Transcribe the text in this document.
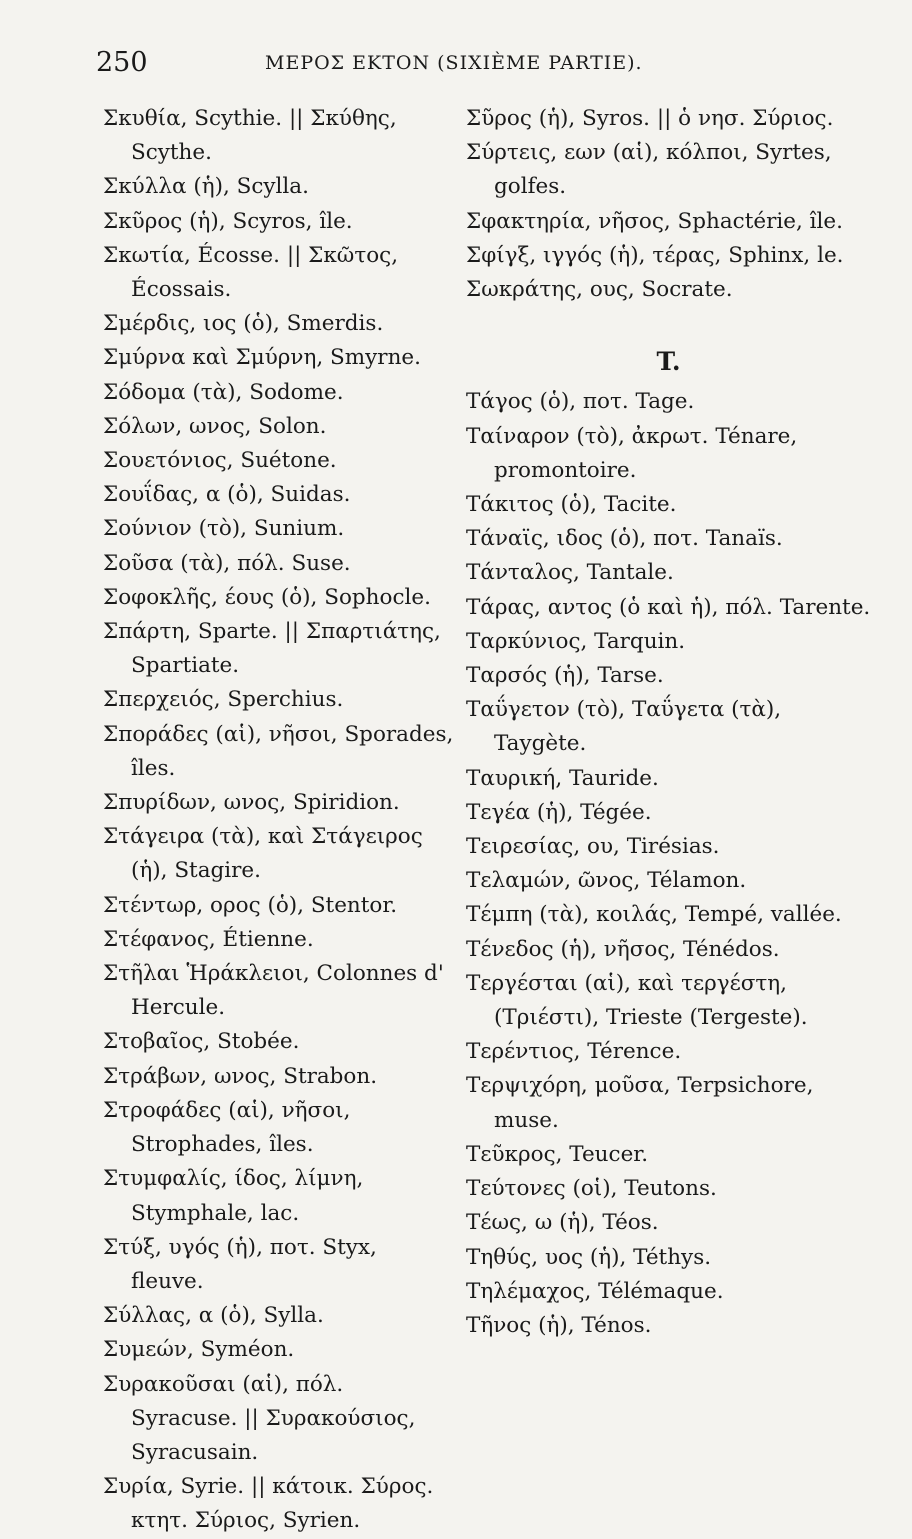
250	ΜΕΡΟΣ ΕΚΤΟΝ (SIXIÈME PARTIE).

Σκυθία, Scythie. || Σκύθης, Scythe.

Σκύλλα (ἡ), Scylla.

Σκῦρος (ἡ), Scyros, île.

Σκωτία, Écosse. || Σκῶτος, Écossais.

Σμέρδις, ιος (ὁ), Smerdis.

Σμύρνα καὶ Σμύρνη, Smyrne.

Σόδομα (τὰ), Sodome.

Σόλων, ωνος, Solon.

Σουετόνιος, Suétone.

Σουΐδας, α (ὁ), Suidas.

Σούνιον (τὸ), Sunium.

Σοῦσα (τὰ), πόλ. Suse.

Σοφοκλῆς, έους (ὁ), Sophocle.

Σπάρτη, Sparte. || Σπαρτιάτης, Spartiate.

Σπερχειός, Sperchius.

Σποράδες (αἱ), νῆσοι, Sporades, îles.

Σπυρίδων, ωνος, Spiridion.

Στάγειρα (τὰ), καὶ Στάγειρος (ἡ), Stagire.

Στέντωρ, ορος (ὁ), Stentor.

Στέφανος, Étienne.

Στῆλαι Ἡράκλειοι, Colonnes d' Hercule.

Στοβαῖος, Stobée.

Στράβων, ωνος, Strabon.

Στροφάδες (αἱ), νῆσοι, Strophades, îles.

Στυμφαλίς, ίδος, λίμνη, Stymphale, lac.

Στύξ, υγός (ἡ), ποτ. Styx, fleuve.

Σύλλας, α (ὁ), Sylla.

Συμεών, Syméon.

Συρακοῦσαι (αἱ), πόλ. Syracuse. || Συρακούσιος, Syracusain.

Συρία, Syrie. || κάτοικ. Σύρος. κτητ. Σύριος, Syrien.

Σῦρος (ἡ), Syros. || ὁ νησ. Σύριος.

Σύρτεις, εων (αἱ), κόλποι, Syrtes, golfes.

Σφακτηρία, νῆσος, Sphactérie, île.

Σφίγξ, ιγγός (ἡ), τέρας, Sphinx, le.

Σωκράτης, ους, Socrate.

T.

Τάγος (ὁ), ποτ. Tage.

Ταίναρον (τὸ), ἀκρωτ. Ténare, promontoire.

Τάκιτος (ὁ), Tacite.

Τάναϊς, ιδος (ὁ), ποτ. Tanaïs.

Τάνταλος, Tantale.

Τάρας, αντος (ὁ καὶ ἡ), πόλ. Tarente.

Ταρκύνιος, Tarquin.

Ταρσός (ἡ), Tarse.

Ταΰγετον (τὸ), Ταΰγετα (τὰ), Taygète.

Ταυρική, Tauride.

Τεγέα (ἡ), Tégée.

Τειρεσίας, ου, Tirésias.

Τελαμών, ῶνος, Télamon.

Τέμπη (τὰ), κοιλάς, Tempé, vallée.

Τένεδος (ἡ), νῆσος, Ténédos.

Τεργέσται (αἱ), καὶ τεργέστη, (Τριέστι), Trieste (Tergeste).

Τερέντιος, Térence.

Τερψιχόρη, μοῦσα, Terpsichore, muse.

Τεῦκρος, Teucer.

Τεύτονες (οἱ), Teutons.

Τέως, ω (ἡ), Téos.

Τηθύς, υος (ἡ), Téthys.

Τηλέμαχος, Télémaque.

Τῆνος (ἡ), Ténos.
